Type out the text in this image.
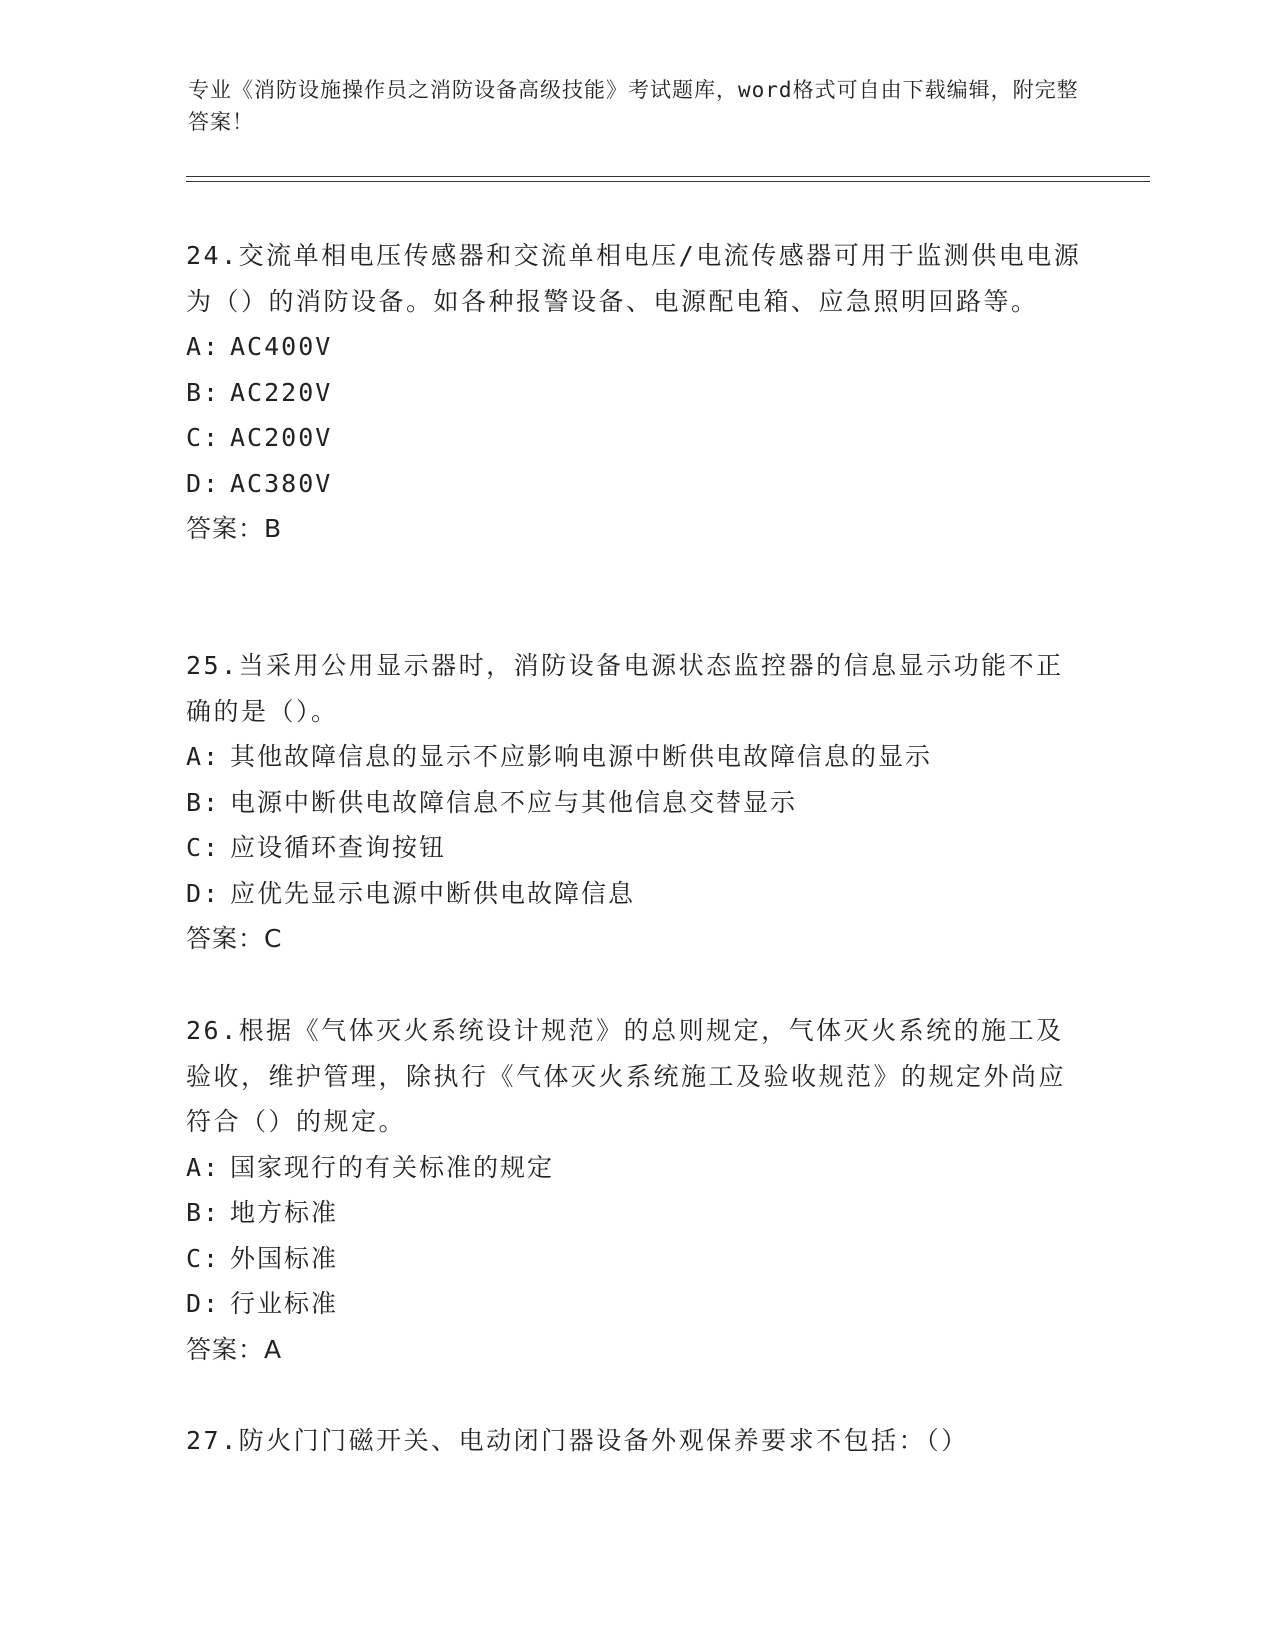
专业《消防设施操作员之消防设备高级技能》考试题库，word格式可自由下载编辑，附完整答案！

24.交流单相电压传感器和交流单相电压/电流传感器可用于监测供电电源为（）的消防设备。如各种报警设备、电源配电箱、应急照明回路等。

A: AC400V
B: AC220V
C: AC200V
D: AC380V

答案：B

25.当采用公用显示器时，消防设备电源状态监控器的信息显示功能不正确的是（）。

A: 其他故障信息的显示不应影响电源中断供电故障信息的显示
B: 电源中断供电故障信息不应与其他信息交替显示
C: 应设循环查询按钮
D: 应优先显示电源中断供电故障信息

答案：C

26.根据《气体灭火系统设计规范》的总则规定，气体灭火系统的施工及验收，维护管理，除执行《气体灭火系统施工及验收规范》的规定外尚应符合（）的规定。

A: 国家现行的有关标准的规定
B: 地方标准
C: 外国标准
D: 行业标准

答案：A

27.防火门门磁开关、电动闭门器设备外观保养要求不包括：（）
